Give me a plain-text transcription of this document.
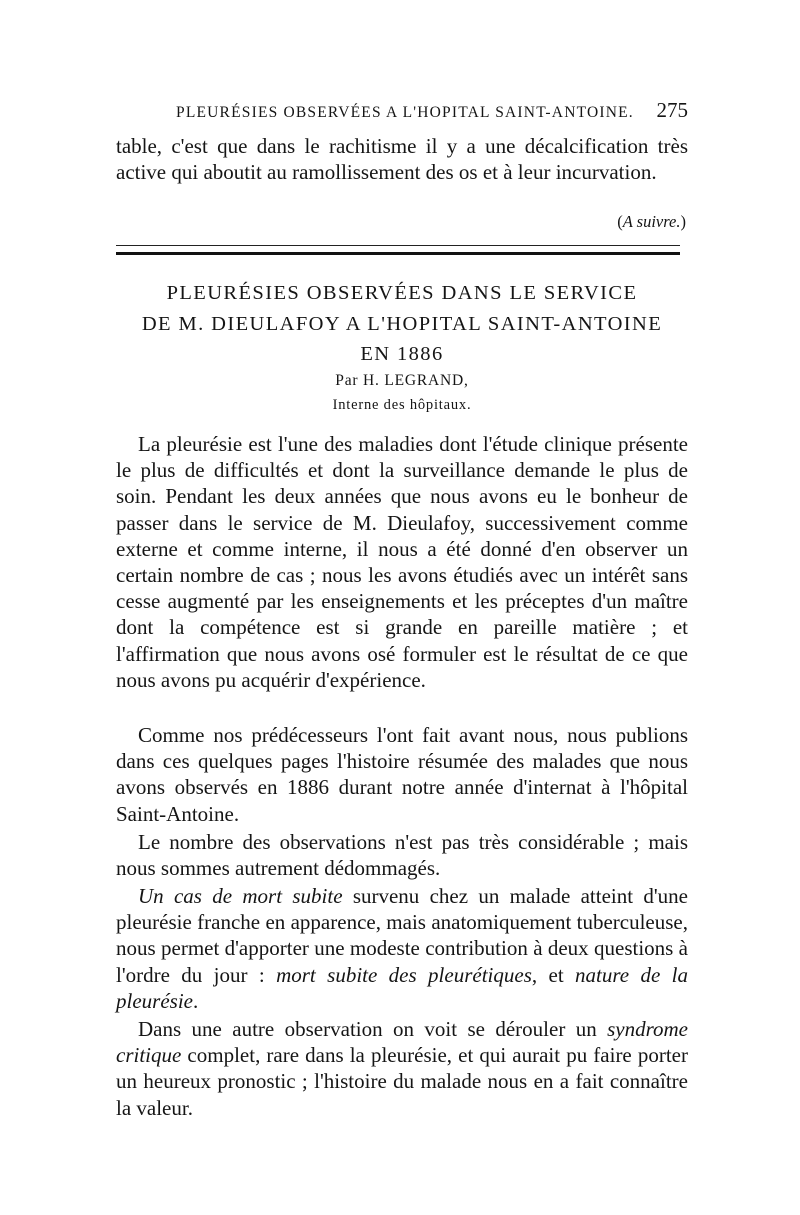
PLEURÉSIES OBSERVÉES A L'HOPITAL SAINT-ANTOINE. 275

table, c'est que dans le rachitisme il y a une décalcification très active qui aboutit au ramollissement des os et à leur incurvation.

(A suivre.)
PLEURÉSIES OBSERVÉES DANS LE SERVICE
DE M. DIEULAFOY A L'HOPITAL SAINT-ANTOINE
EN 1886
Par H. LEGRAND,
Interne des hôpitaux.

La pleurésie est l'une des maladies dont l'étude clinique présente le plus de difficultés et dont la surveillance demande le plus de soin. Pendant les deux années que nous avons eu le bonheur de passer dans le service de M. Dieulafoy, successivement comme externe et comme interne, il nous a été donné d'en observer un certain nombre de cas ; nous les avons étudiés avec un intérêt sans cesse augmenté par les enseignements et les préceptes d'un maître dont la compétence est si grande en pareille matière ; et l'affirmation que nous avons osé formuler est le résultat de ce que nous avons pu acquérir d'expérience.

Comme nos prédécesseurs l'ont fait avant nous, nous publions dans ces quelques pages l'histoire résumée des malades que nous avons observés en 1886 durant notre année d'internat à l'hôpital Saint-Antoine.

Le nombre des observations n'est pas très considérable ; mais nous sommes autrement dédommagés.

Un cas de mort subite survenu chez un malade atteint d'une pleurésie franche en apparence, mais anatomiquement tuberculeuse, nous permet d'apporter une modeste contribution à deux questions à l'ordre du jour : mort subite des pleurétiques, et nature de la pleurésie.

Dans une autre observation on voit se dérouler un syndrome critique complet, rare dans la pleurésie, et qui aurait pu faire porter un heureux pronostic ; l'histoire du malade nous en a fait connaître la valeur.
